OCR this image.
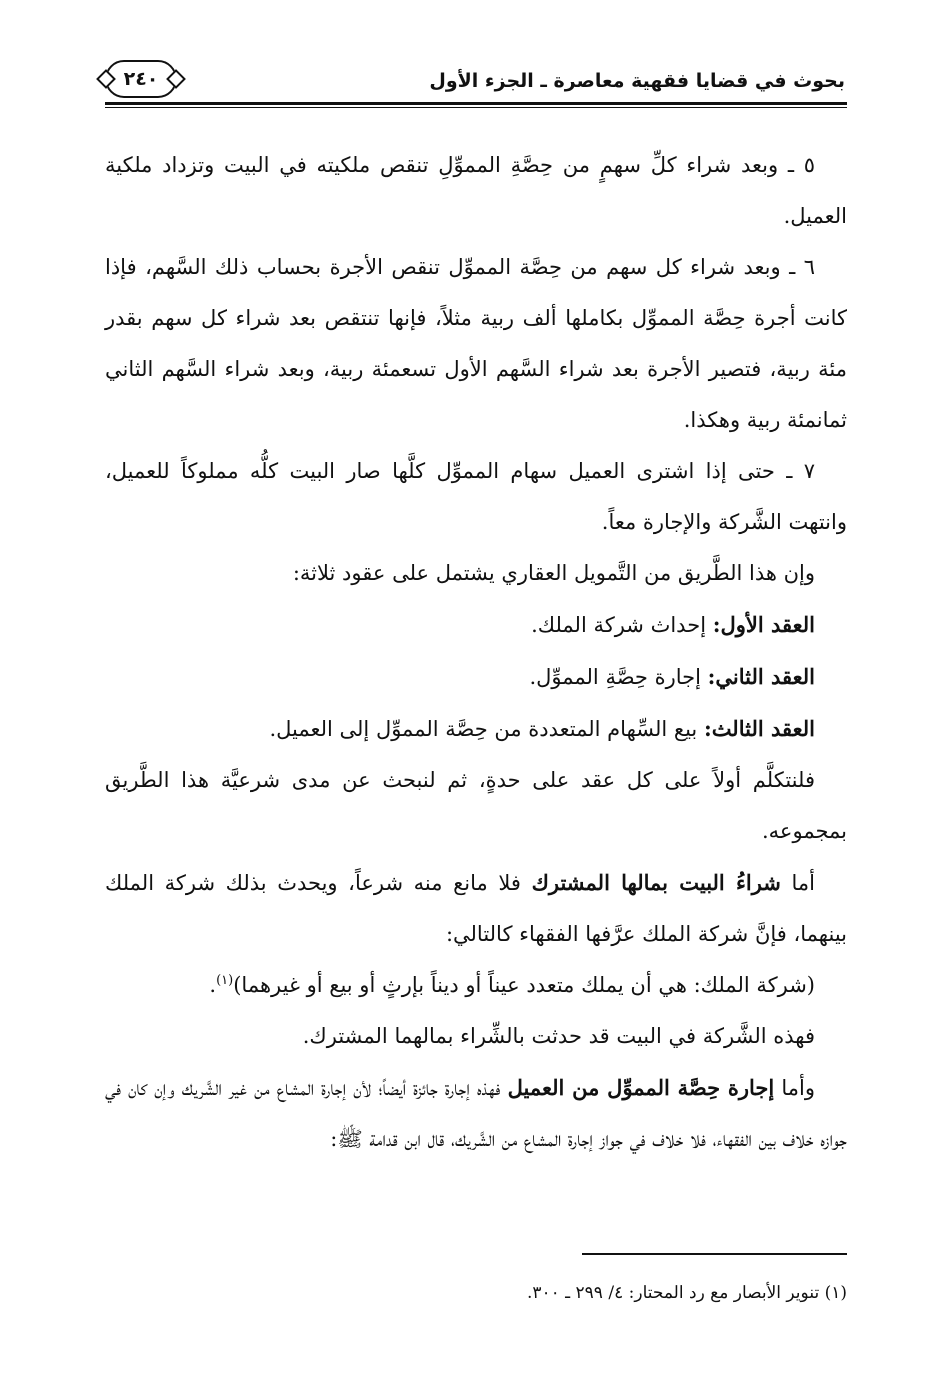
بحوث في قضايا فقهية معاصرة ـ الجزء الأول
٢٤٠

٥ ـ وبعد شراء كلِّ سهمٍ من حِصَّةِ المموِّلِ تنقص ملكيته في البيت وتزداد ملكية العميل.

٦ ـ وبعد شراء كل سهم من حِصَّة المموِّل تنقص الأجرة بحساب ذلك السَّهم، فإذا كانت أجرة حِصَّة المموِّل بكاملها ألف ربية مثلاً، فإنها تنتقص بعد شراء كل سهم بقدر مئة ربية، فتصير الأجرة بعد شراء السَّهم الأول تسعمئة ربية، وبعد شراء السَّهم الثاني ثمانمئة ربية وهكذا.

٧ ـ حتى إذا اشترى العميل سهام المموِّل كلَّها صار البيت كلُّه مملوكاً للعميل، وانتهت الشَّركة والإجارة معاً.

وإن هذا الطَّريق من التَّمويل العقاري يشتمل على عقود ثلاثة:

العقد الأول: إحداث شركة الملك.

العقد الثاني: إجارة حِصَّةِ المموِّل.

العقد الثالث: بيع السِّهام المتعددة من حِصَّة المموِّل إلى العميل.

فلنتكلَّم أولاً على كل عقد على حدةٍ، ثم لنبحث عن مدى شرعيَّة هذا الطَّريق بمجموعه.

أما شراءُ البيت بمالها المشترك فلا مانع منه شرعاً، ويحدث بذلك شركة الملك بينهما، فإنَّ شركة الملك عرَّفها الفقهاء كالتالي:

(شركة الملك: هي أن يملك متعدد عيناً أو ديناً بإرثٍ أو بيع أو غيرهما)$^{(١)}$.

فهذه الشَّركة في البيت قد حدثت بالشِّراء بمالهما المشترك.

وأما إجارة حِصَّة المموِّل من العميل فهذه إجارة جائزة أيضاً؛ لأن إجارة المشاع من غير الشَّريك وإن كان في جوازه خلاف بين الفقهاء، فلا خلاف في جواز إجارة المشاع من الشَّريك، قال ابن قدامة ﷺ:

(١) تنوير الأبصار مع رد المحتار: ٤/ ٢٩٩ ـ ٣٠٠.
